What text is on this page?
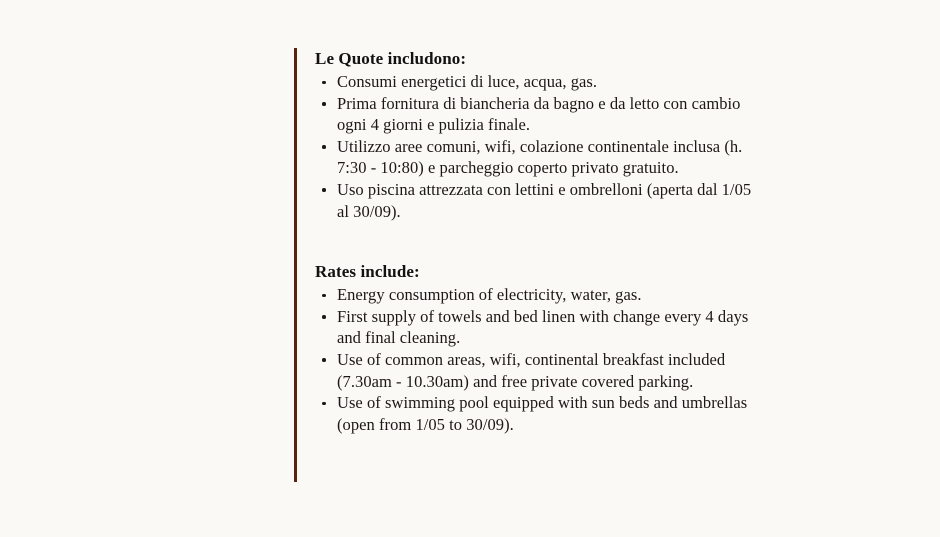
Le Quote includono:
Consumi energetici di luce, acqua, gas.
Prima fornitura di biancheria da bagno e da letto con cambio ogni 4 giorni e pulizia finale.
Utilizzo aree comuni, wifi, colazione continentale inclusa (h. 7:30 - 10:80) e parcheggio coperto privato gratuito.
Uso piscina attrezzata con lettini e ombrelloni (aperta dal 1/05 al 30/09).
Rates include:
Energy consumption of electricity, water, gas.
First supply of towels and bed linen with change every 4 days and final cleaning.
Use of common areas, wifi, continental breakfast included (7.30am - 10.30am) and free private covered parking.
Use of swimming pool equipped with sun beds and umbrellas (open from 1/05 to 30/09).
